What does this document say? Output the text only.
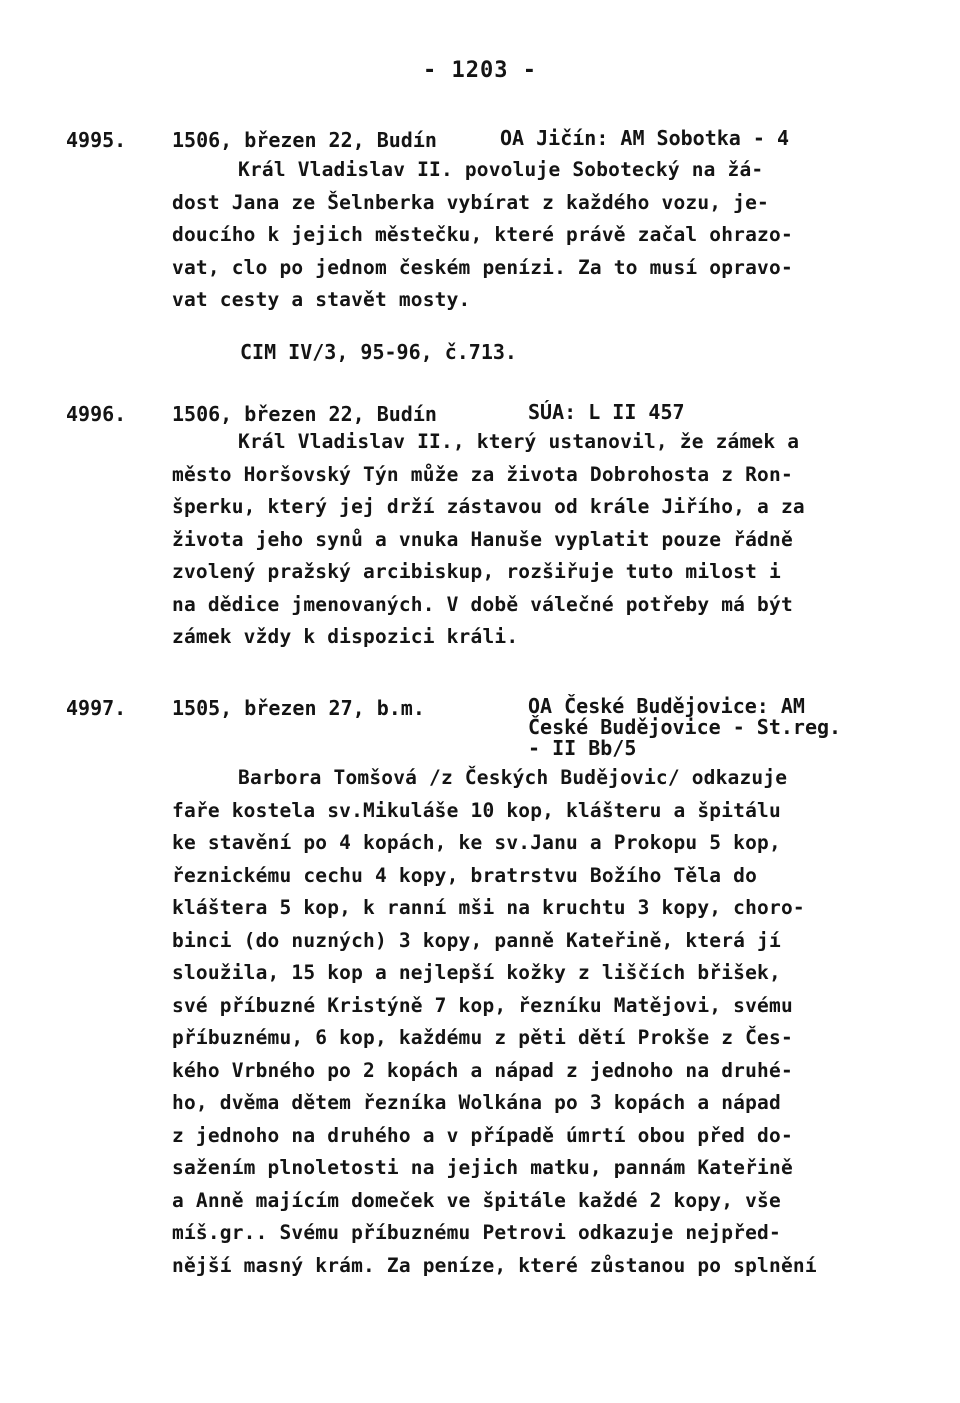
- 1203 -
4995. 1506, březen 22, Budín	OA Jičín: AM Sobotka - 4
Král Vladislav II. povoluje Sobotecký na žá-
dost Jana ze Šelnberka vybírat z každého vozu, je-
doucího k jejich městečku, které právě začal ohrazo-
vat, clo po jednom českém penízi. Za to musí opravo-
vat cesty a stavět mosty.
CIM IV/3, 95-96, č.713.
4996. 1506, březen 22, Budín	SÚA: L II 457
Král Vladislav II., který ustanovil, že zámek a
město Horšovský Týn může za života Dobrohosta z Ron-
šperku, který jej drží zástavou od krále Jiřího, a za
života jeho synů a vnuka Hanuše vyplatit pouze řádně
zvolený pražský arcibiskup, rozšiřuje tuto milost i
na dědice jmenovaných. V době válečné potřeby má být
zámek vždy k dispozici králi.
4997. 1505, březen 27, b.m.	OA České Budějovice: AM
České Budějovice - St.reg.
- II Bb/5
Barbora Tomšová /z Českých Budějovic/ odkazuje
faře kostela sv.Mikuláše 10 kop, klášteru a špitálu
ke stavění po 4 kopách, ke sv.Janu a Prokopu 5 kop,
řeznickému cechu 4 kopy, bratrstvu Božího Těla do
kláštera 5 kop, k ranní mši na kruchtu 3 kopy, choro-
binci (do nuzných) 3 kopy, panně Kateřině, která jí
sloužila, 15 kop a nejlepší kožky z liščích břišek,
své příbuzné Kristýně 7 kop, řezníku Matějovi, svému
příbuznému, 6 kop, každému z pěti dětí Prokše z Čes-
kého Vrbného po 2 kopách a nápad z jednoho na druhé-
ho, dvěma dětem řezníka Wolkána po 3 kopách a nápad
z jednoho na druhého a v případě úmrtí obou před do-
sažením plnoletosti na jejich matku, pannám Kateřině
a Anně majícím domeček ve špitále každé 2 kopy, vše
míš.gr.. Svému příbuznému Petrovi odkazuje nejpřed-
nější masný krám. Za peníze, které zůstanou po splnění
